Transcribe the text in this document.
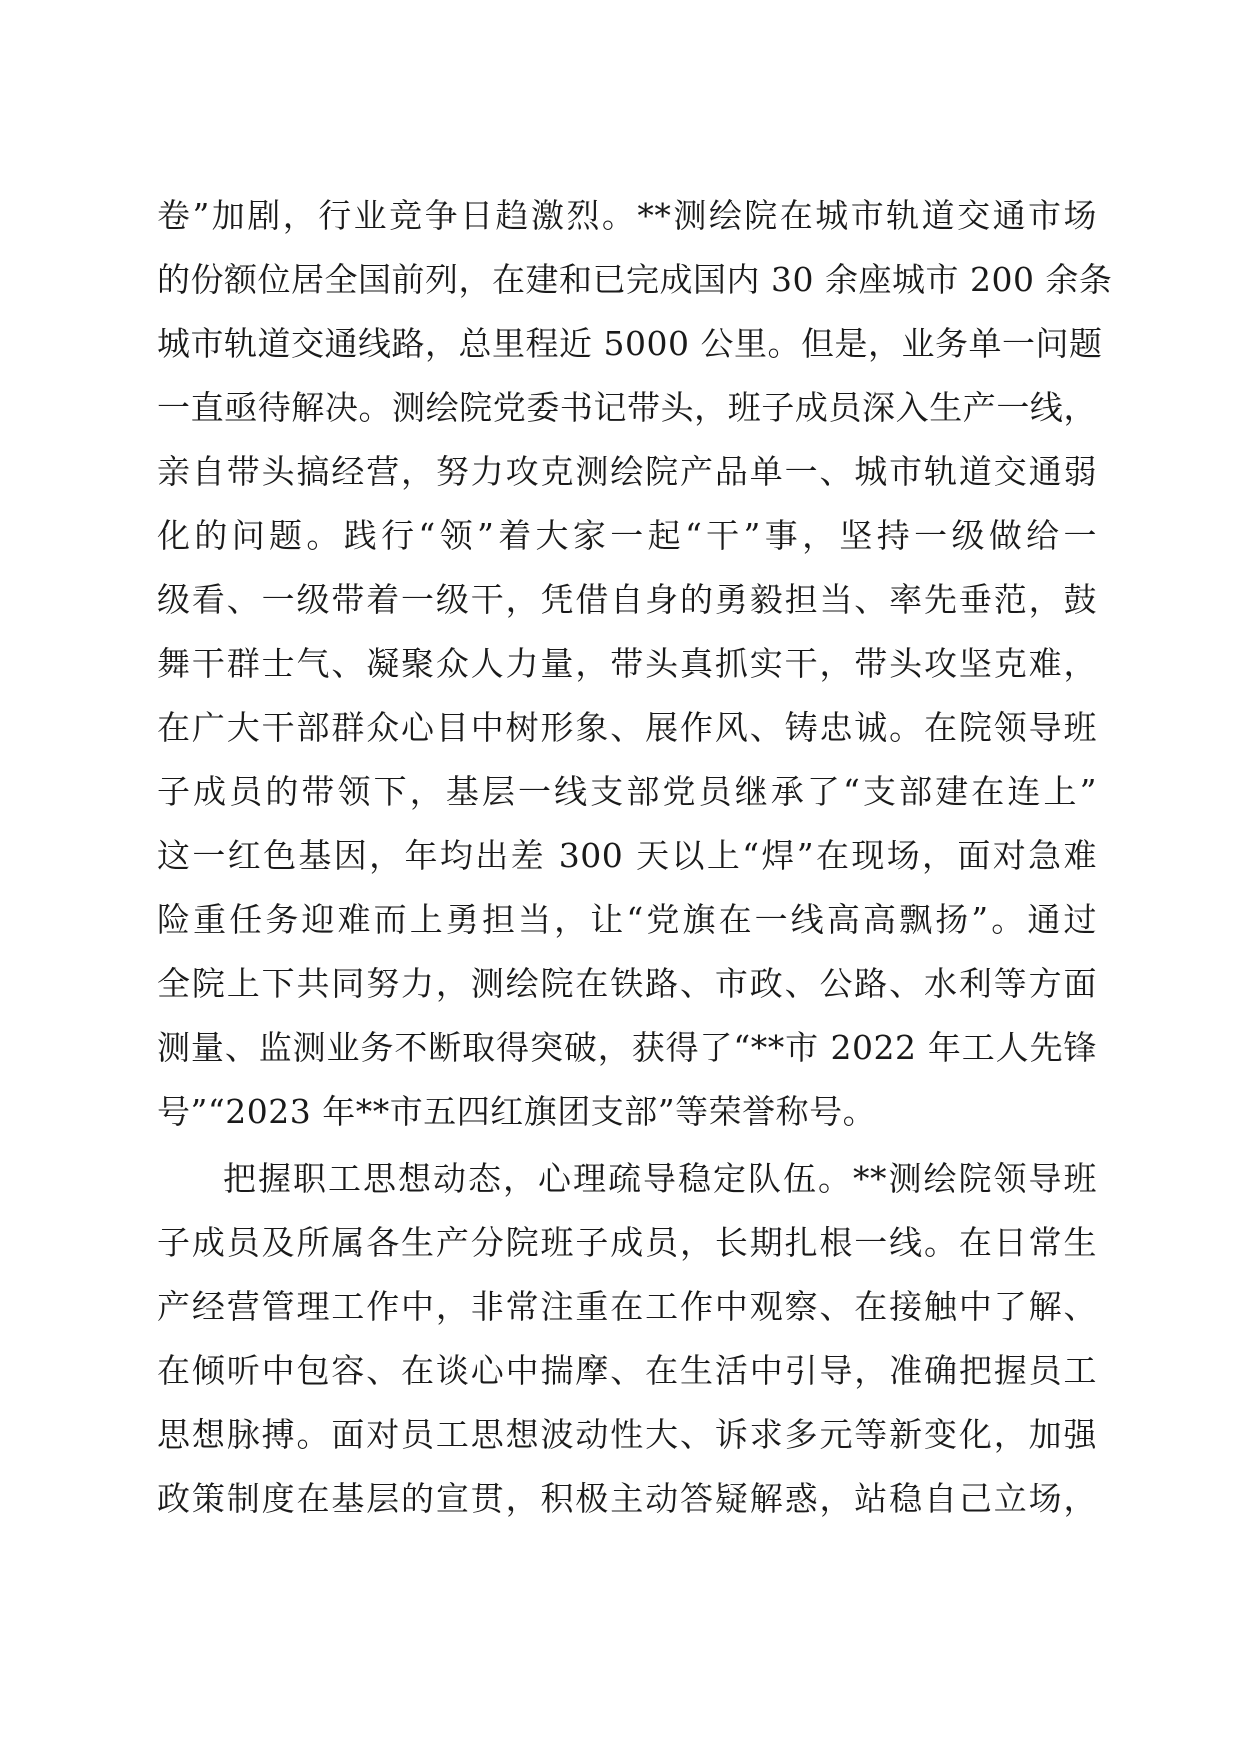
卷”加剧，行业竞争日趋激烈。**测绘院在城市轨道交通市场
的份额位居全国前列，在建和已完成国内 30 余座城市 200 余条
城市轨道交通线路，总里程近 5000 公里。但是，业务单一问题
一直亟待解决。测绘院党委书记带头，班子成员深入生产一线，
亲自带头搞经营，努力攻克测绘院产品单一、城市轨道交通弱
化的问题。践行“领”着大家一起“干”事，坚持一级做给一
级看、一级带着一级干，凭借自身的勇毅担当、率先垂范，鼓
舞干群士气、凝聚众人力量，带头真抓实干，带头攻坚克难，
在广大干部群众心目中树形象、展作风、铸忠诚。在院领导班
子成员的带领下，基层一线支部党员继承了“支部建在连上”
这一红色基因，年均出差 300 天以上“焊”在现场，面对急难
险重任务迎难而上勇担当，让“党旗在一线高高飘扬”。通过
全院上下共同努力，测绘院在铁路、市政、公路、水利等方面
测量、监测业务不断取得突破，获得了“**市 2022 年工人先锋
号”“2023 年**市五四红旗团支部”等荣誉称号。
把握职工思想动态，心理疏导稳定队伍。**测绘院领导班
子成员及所属各生产分院班子成员，长期扎根一线。在日常生
产经营管理工作中，非常注重在工作中观察、在接触中了解、
在倾听中包容、在谈心中揣摩、在生活中引导，准确把握员工
思想脉搏。面对员工思想波动性大、诉求多元等新变化，加强
政策制度在基层的宣贯，积极主动答疑解惑，站稳自己立场，
